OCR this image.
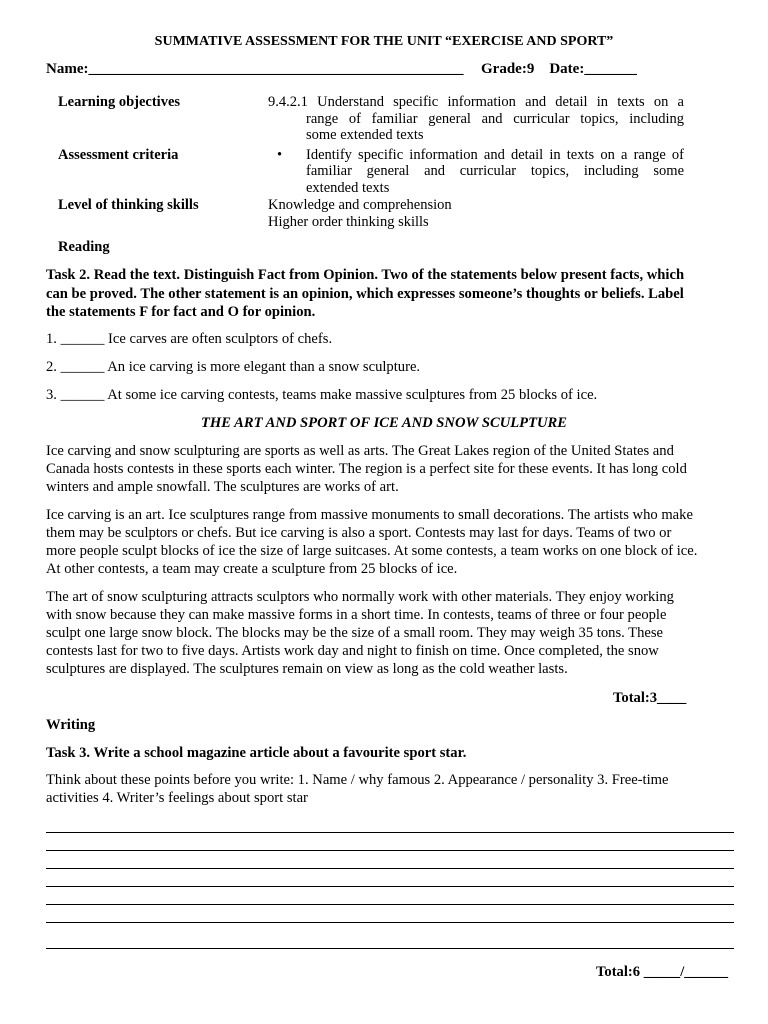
SUMMATIVE ASSESSMENT FOR THE UNIT “EXERCISE AND SPORT”
Name:__________________________________________________ Grade:9 Date:_______
Learning objectives	9.4.2.1 Understand specific information and detail in texts on a
range of familiar general and curricular topics, including
some extended texts
Assessment criteria	• Identify specific information and detail in texts on a range of
familiar general and curricular topics, including some
extended texts
Level of thinking skills	Knowledge and comprehension
Higher order thinking skills
Reading
Task 2. Read the text. Distinguish Fact from Opinion. Two of the statements below present facts, which
can be proved. The other statement is an opinion, which expresses someone’s thoughts or beliefs. Label
the statements F for fact and O for opinion.
1. ______ Ice carves are often sculptors of chefs.
2. ______ An ice carving is more elegant than a snow sculpture.
3. ______ At some ice carving contests, teams make massive sculptures from 25 blocks of ice.
THE ART AND SPORT OF ICE AND SNOW SCULPTURE
Ice carving and snow sculpturing are sports as well as arts. The Great Lakes region of the United States and
Canada hosts contests in these sports each winter. The region is a perfect site for these events. It has long cold
winters and ample snowfall. The sculptures are works of art.
Ice carving is an art. Ice sculptures range from massive monuments to small decorations. The artists who make
them may be sculptors or chefs. But ice carving is also a sport. Contests may last for days. Teams of two or
more people sculpt blocks of ice the size of large suitcases. At some contests, a team works on one block of ice.
At other contests, a team may create a sculpture from 25 blocks of ice.
The art of snow sculpturing attracts sculptors who normally work with other materials. They enjoy working
with snow because they can make massive forms in a short time. In contests, teams of three or four people
sculpt one large snow block. The blocks may be the size of a small room. They may weigh 35 tons. These
contests last for two to five days. Artists work day and night to finish on time. Once completed, the snow
sculptures are displayed. The sculptures remain on view as long as the cold weather lasts.
Total:3____
Writing
Task 3. Write a school magazine article about a favourite sport star.
Think about these points before you write: 1. Name / why famous 2. Appearance / personality 3. Free-time
activities 4. Writer’s feelings about sport star
Total:6 _____/______
